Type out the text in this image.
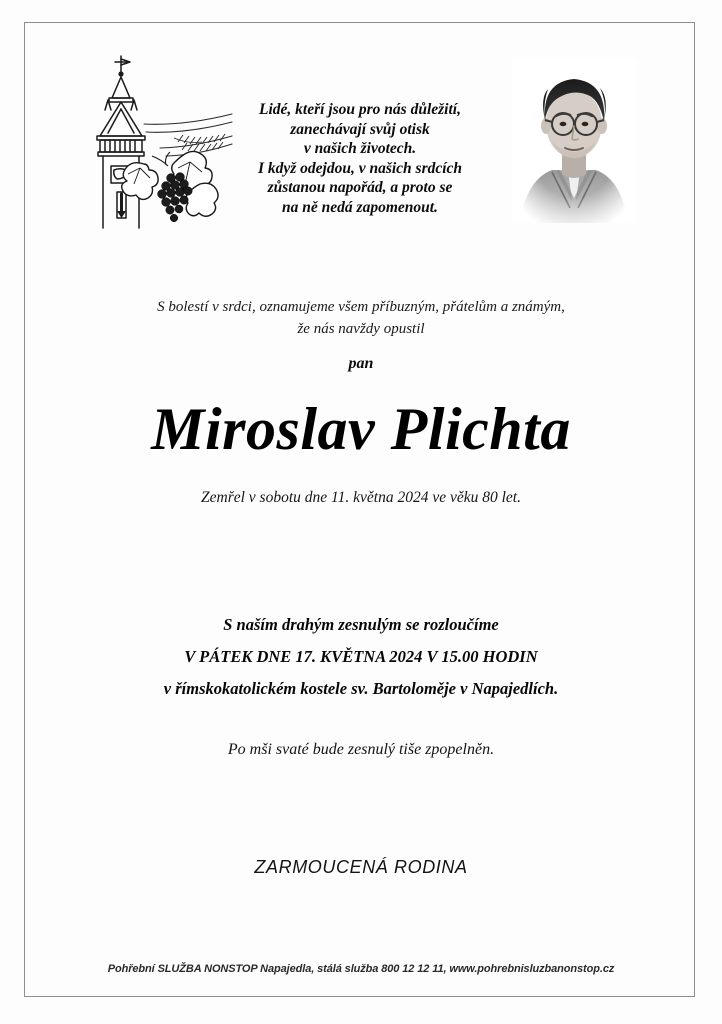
Lidé, kteří jsou pro nás důležití,
zanechávají svůj otisk
v našich životech.
I když odejdou, v našich srdcích
zůstanou napořád, a proto se
na ně nedá zapomenout.
S bolestí v srdci, oznamujeme všem příbuzným, přátelům a známým,
že nás navždy opustil
pan
Miroslav Plichta
Zemřel v sobotu dne 11. května 2024 ve věku 80 let.
S naším drahým zesnulým se rozloučíme
V PÁTEK DNE 17. KVĚTNA 2024 V 15.00 HODIN
v římskokatolickém kostele sv. Bartoloměje v Napajedlích.
Po mši svaté bude zesnulý tiše zpopelněn.
ZARMOUCENÁ RODINA
Pohřební SLUŽBA NONSTOP Napajedla, stálá služba 800 12 12 11, www.pohrebnisluzbanonstop.cz
